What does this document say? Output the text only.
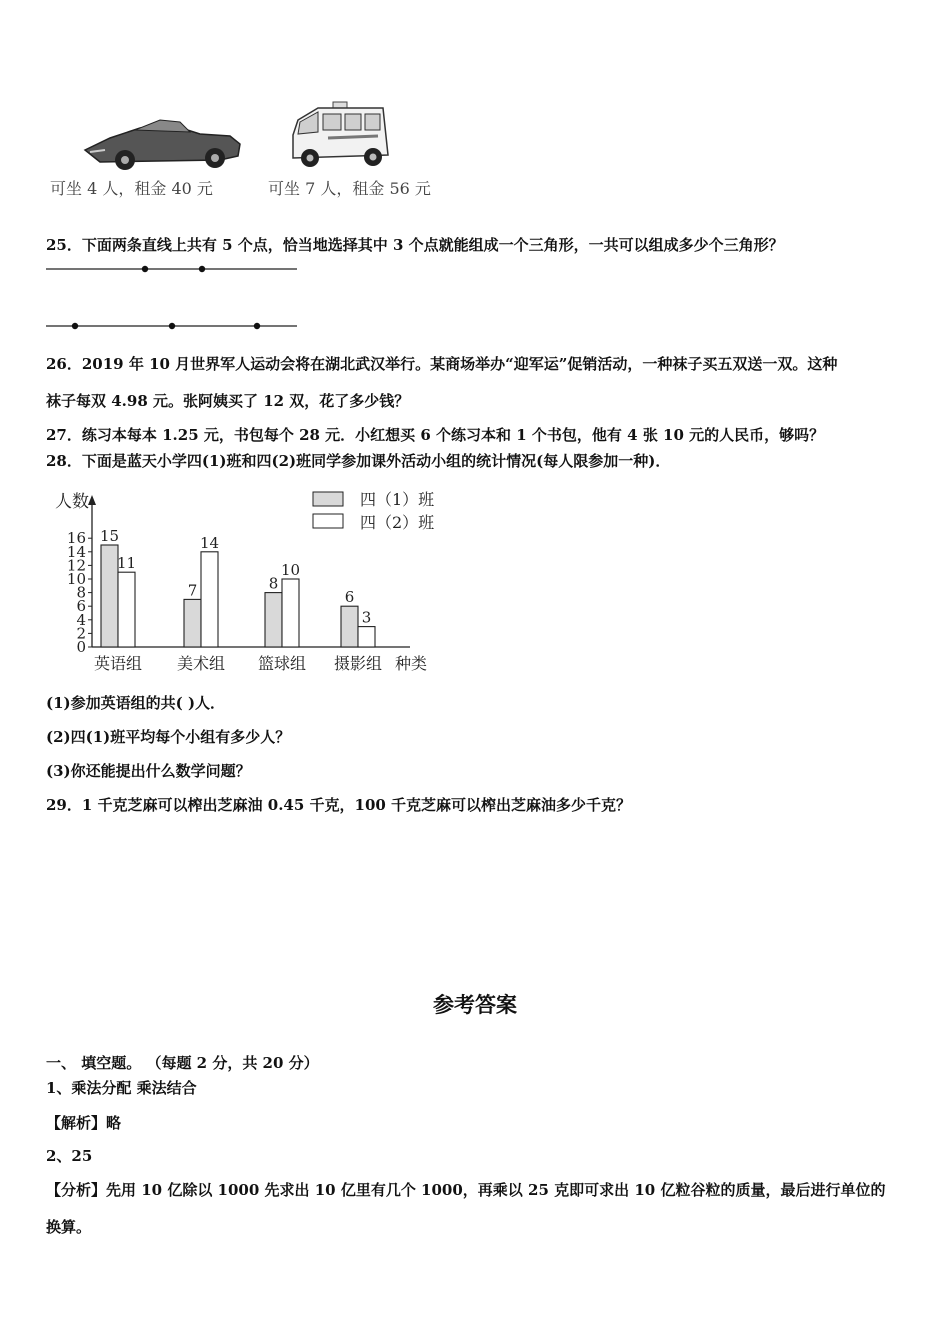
可坐 4 人，租金 40 元	可坐 7 人，租金 56 元
25．下面两条直线上共有 5 个点，恰当地选择其中 3 个点就能组成一个三角形，一共可以组成多少个三角形？
26．2019 年 10 月世界军人运动会将在湖北武汉举行。某商场举办“迎军运”促销活动，一种袜子买五双送一双。这种
袜子每双 4.98 元。张阿姨买了 12 双，花了多少钱？
27．练习本每本 1.25 元，书包每个 28 元．小红想买 6 个练习本和 1 个书包，他有 4 张 10 元的人民币，够吗？
28．下面是蓝天小学四(1)班和四(2)班同学参加课外活动小组的统计情况(每人限参加一种)．
人数
种类
0
2
4
6
8
10
12
14
16 15
7	8
6
11
14
10
3
英语组 美术组 篮球组 摄影组
四（1）班
四（2）班
(1)参加英语组的共( )人．
(2)四(1)班平均每个小组有多少人？
(3)你还能提出什么数学问题？
29．1 千克芝麻可以榨出芝麻油 0.45 千克，100 千克芝麻可以榨出芝麻油多少千克？
参考答案
一、 填空题。 （每题 2 分，共 20 分）
1、乘法分配 乘法结合
【解析】略
2、25
【分析】先用 10 亿除以 1000 先求出 10 亿里有几个 1000，再乘以 25 克即可求出 10 亿粒谷粒的质量，最后进行单位的
换算。
